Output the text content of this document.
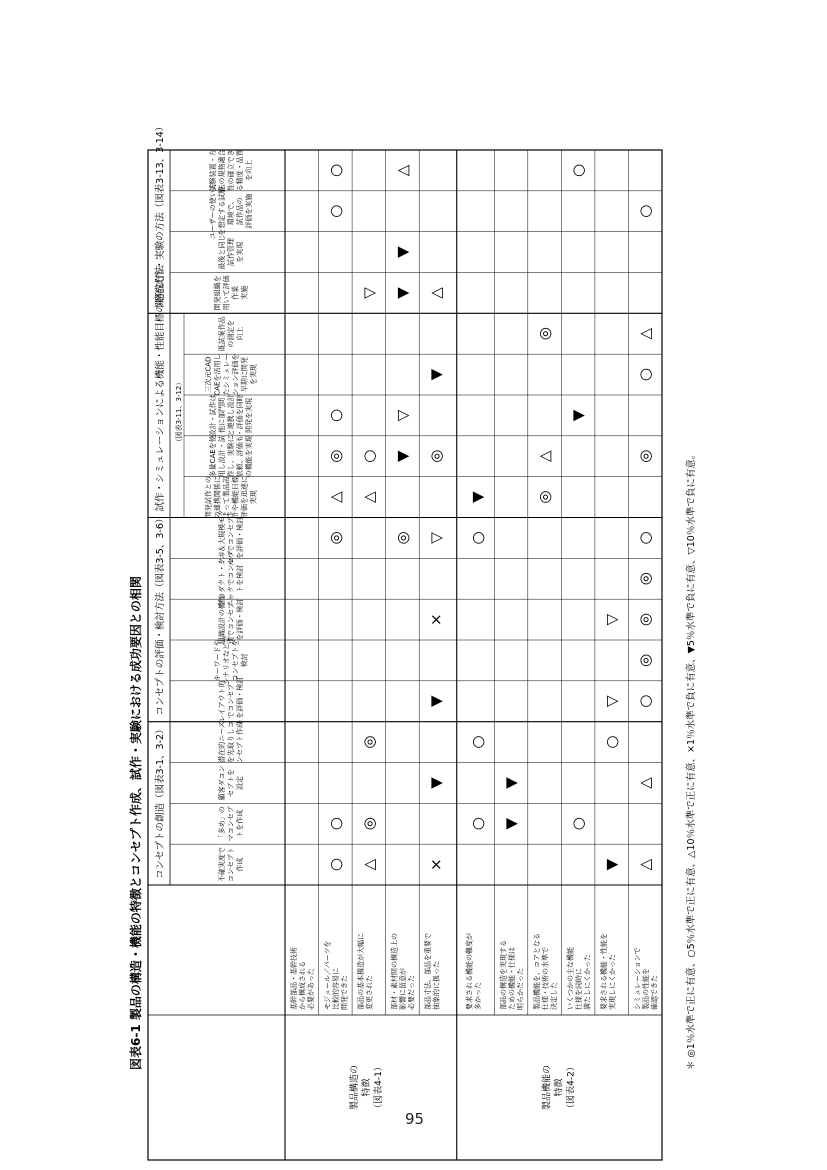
図表6-1 製品の構造・機能の特徴とコンセプト作成、試作・実験における成功要因との相関 コンセプトの創造（図表3-1、3-2）
コンセプトの評価・検討方法（図表3-5、3-6）
試作・シミュレーションによる機能・性能目標の達成方法 （図表3-11、3-12）
開発試作・実験の方法（図表3-13、3-14）
不確実度で コンセプト 作成
「多め」の マコンセプ トを作成
顧客ダコン セプトを 設定
潜在的ニーズ を先取りしコ ンセプト作成
レイアウト的 でコンセプ トを評価・検討
キーワードや シナリオなどで コンセプトを 検討
組織設計の機能 別でコンセプト を評価・検討
プロダクト・クリ ニックでコンセプ トを検討
ミニ＆大規模モク ルバでコンセプト を評価・検討
開発試作との の連携関係に よって製品設 計や機能目標 評価を迅速に 実現
多量CAEを使 用し設計・試 作し、実験に 依頼、評価も の機能を実現
設計・試作は 他に部門間 と連携し設計 ・評価を同時 開発を実現
三次元CAD CAEを活用し たシミュレー ション評価を 早期に開発 を実現
既試案作品 の測定を 向上
開発組織を 用いて評価 作業 実施
最後と同じ 試作管理 を実現
ユーザーの使い方 を想定する試験 環境で、 試作品の 評価を実施
試験装置・方 法の規格適合 性の確立でき る精度・品質 を向上
製品構造の 特徴 （図表4-1）	製品機能の 特徴 （図表4-2）
基幹部品・基幹技術 から構成される 必要があった モジュール／パーツを 比較的容易に 開発できた
○
○
◎
△
◎
○
○
○
部品の基本構造が大幅に 変更された
△
◎
◎
△
○
▽
部材・素材間の構造上の 影響に留意が 必要だった
◎
▼
▽
▼
▼
△
部品寸法、部品を重要で 抽象的に扱った
×
▼
▼
×
▽
◎
▼
△
要求される機能の難度が 多かった
○
○
○
▼
部品の構造を実現する ための機能・仕様は 明らかだった
▼
▼
製品機能を、コアとなる 仕様・技術の水準で 決定した
◎
△
◎
いくつかの主な機能 仕様を同時に 満たしにくかった
○
▼
○
要求される機能・性能を 実現しにくかった
▼
○
▽
▽
シミュレーションで 製品の性能を 確認できた
△
△
○
◎
◎
◎
○
◎
○
△
○
＊ ◎1％水準で正に有意、○5％水準で正に有意、△10％水準で正に有意、×1％水準で負に有意、▼5％水準で負に有意、▽10％水準で負に有意。
95
